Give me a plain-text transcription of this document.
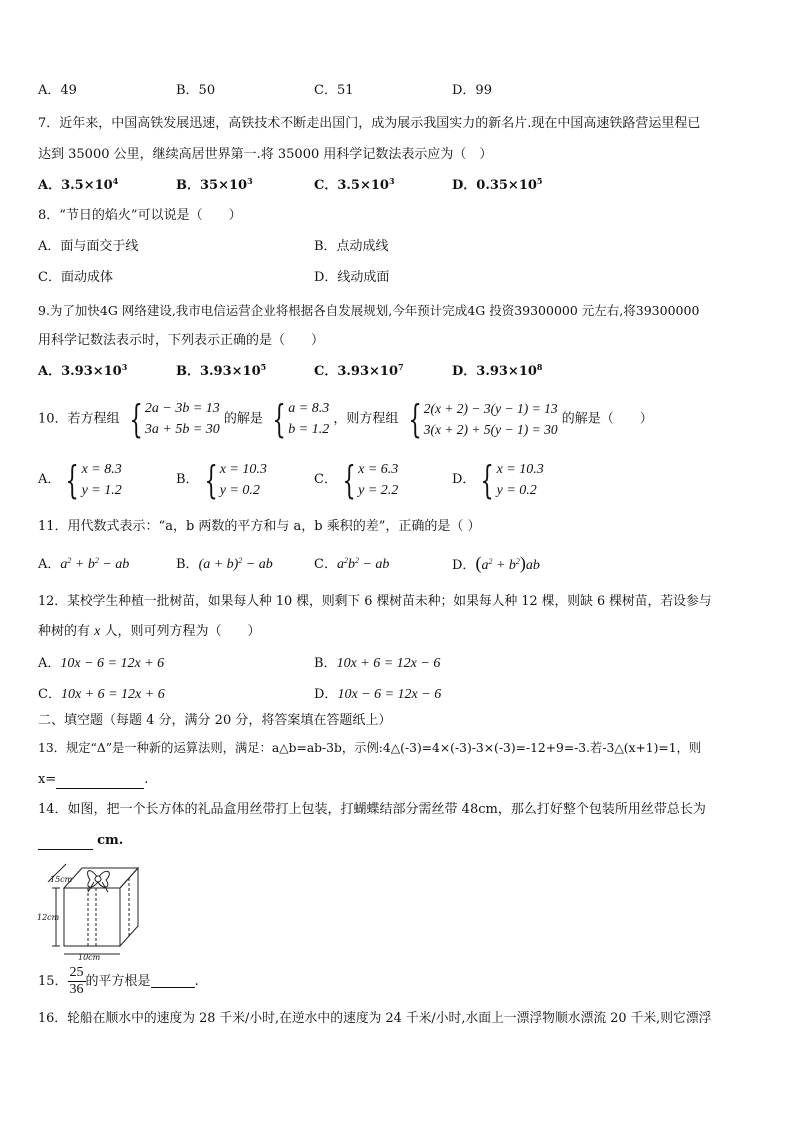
A．49	B．50	C．51	D．99
7．近年来，中国高铁发展迅速，高铁技术不断走出国门，成为展示我国实力的新名片.现在中国高速铁路营运里程已
达到 35000 公里，继续高居世界第一.将 35000 用科学记数法表示应为（　）
A．$3.5\times 10^4$	B．$35\times 10^3$	C．$3.5\times 10^3$	D．$0.35\times 10^5$
8．“节日的焰火”可以说是（　　）
A．面与面交于线	B．点动成线
C．面动成体	D．线动成面
9.为了加快4G 网络建设,我市电信运营企业将根据各自发展规划,今年预计完成4G 投资39300000 元左右,将39300000
用科学记数法表示时，下列表示正确的是（　　）
A．$3.93\times 10^3$	B．$3.93\times 10^5$	C．$3.93\times 10^7$	D．$3.93\times 10^8$
10．若方程组 { 2a − 3b = 13
3a + 5b = 30
的解是 { a = 8.3
b = 1.2
，则方程组 { 2(x + 2) − 3(y − 1) = 13
3(x + 2) + 5(y − 1) = 30
的解是（　　）
A． { x = 8.3
y = 1.2
B． { x = 10.3
y = 0.2
C． { x = 6.3
y = 2.2
D． { x = 10.3
y = 0.2
11．用代数式表示：“a，b 两数的平方和与 a，b 乘积的差”，正确的是（ ）
A．$a^2 + b^2$ − ab	B．$(a + b)^2$ − ab	C．$a^2b^2$ − ab	D．$(a^2 + b^2)ab$
12．某校学生种植一批树苗，如果每人种 10 棵，则剩下 6 棵树苗未种；如果每人种 12 棵，则缺 6 棵树苗，若设参与
种树的有 x 人，则可列方程为（　　）
A．10x − 6 = 12x + 6	B．10x + 6 = 12x − 6
C．10x + 6 = 12x + 6	D．10x − 6 = 12x − 6
二、填空题（每题 4 分，满分 20 分，将答案填在答题纸上）
13．规定“Δ”是一种新的运算法则，满足：a△b=ab-3b，示例:4△(-3)=4×(-3)-3×(-3)=-12+9=-3.若-3△(x+1)=1，则
x=	.
14．如图，把一个长方体的礼品盒用丝带打上包装，打蝴蝶结部分需丝带 48cm，那么打好整个包装所用丝带总长为
cm.
15cm
12cm
10cm
15． $\frac{25}{36}$ 的平方根是	.
16．轮船在顺水中的速度为 28 千米/小时,在逆水中的速度为 24 千米/小时,水面上一漂浮物顺水漂流 20 千米,则它漂浮
